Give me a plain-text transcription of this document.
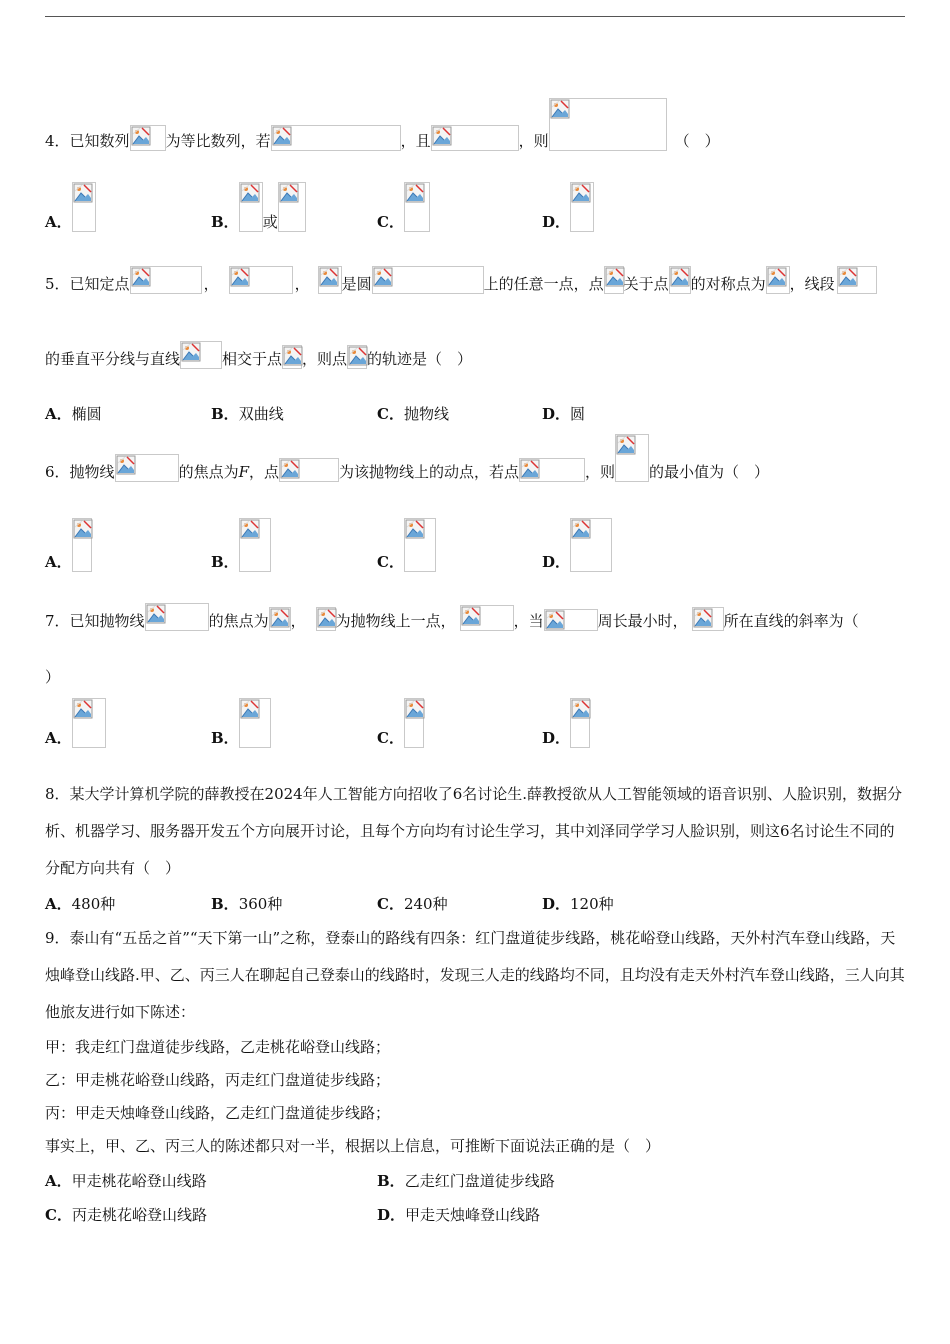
4．已知数列 为等比数列，若	，且	，则	（　）
A．	B． 或	C．	D．
5．已知定点	，	， 是圆	上的任意一点，点 关于点 的对称点为 ，线段
的垂直平分线与直线	相交于点 ，则点 的轨迹是（　）
A．椭圆	B．双曲线	C．抛物线	D．圆
6．抛物线	的焦点为F，点	为该抛物线上的动点，若点	，则 的最小值为（　）
A．	B．	C．	D．
7．已知抛物线	的焦点为 ， 为抛物线上一点，	，当	周长最小时， 所在直线的斜率为（
）
A．	B．	C．	D．
8．某大学计算机学院的薛教授在2024年人工智能方向招收了6名讨论生.薛教授欲从人工智能领域的语音识别、人脸识别，数据分析、机器学习、服务器开发五个方向展开讨论，且每个方向均有讨论生学习，其中刘泽同学学习人脸识别，则这6名讨论生不同的分配方向共有（　）
A．480种	B．360种	C．240种	D．120种
9．泰山有“五岳之首”“天下第一山”之称，登泰山的路线有四条：红门盘道徒步线路，桃花峪登山线路，天外村汽车登山线路，天烛峰登山线路.甲、乙、丙三人在聊起自己登泰山的线路时，发现三人走的线路均不同，且均没有走天外村汽车登山线路，三人向其他旅友进行如下陈述：
甲：我走红门盘道徒步线路，乙走桃花峪登山线路；
乙：甲走桃花峪登山线路，丙走红门盘道徒步线路；
丙：甲走天烛峰登山线路，乙走红门盘道徒步线路；
事实上，甲、乙、丙三人的陈述都只对一半，根据以上信息，可推断下面说法正确的是（　）
A．甲走桃花峪登山线路	B．乙走红门盘道徒步线路
C．丙走桃花峪登山线路	D．甲走天烛峰登山线路
